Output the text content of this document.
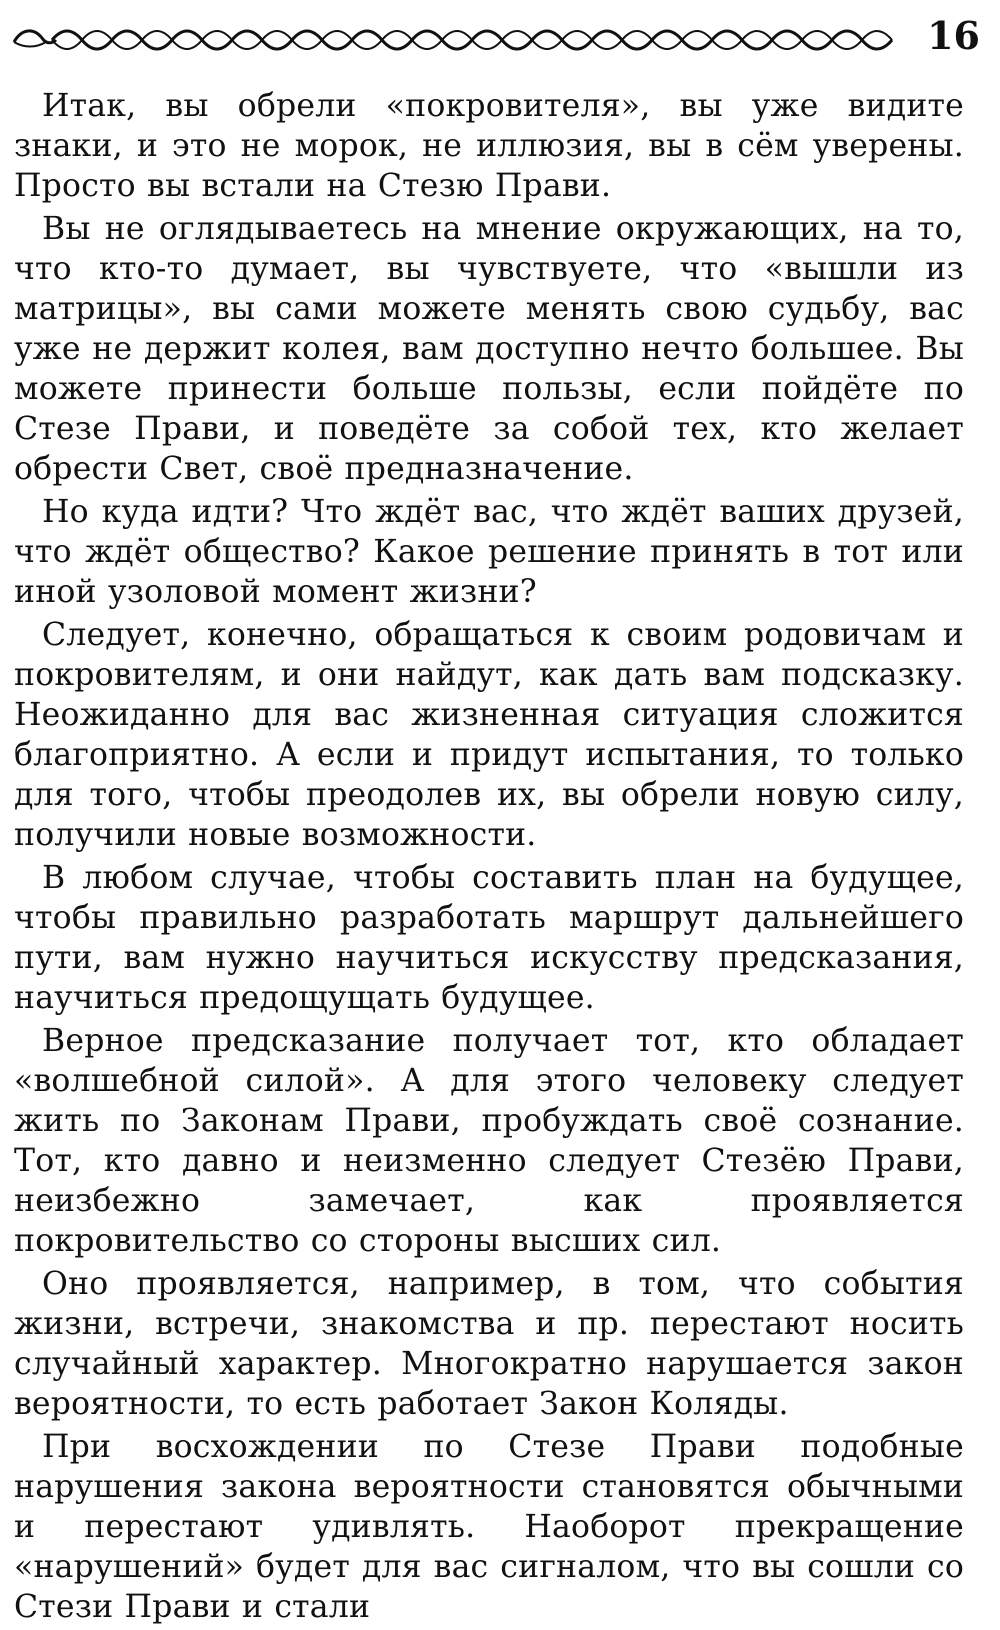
16

Итак, вы обрели «покровителя», вы уже видите знаки, и это не морок, не иллюзия, вы в сём уверены. Просто вы встали на Стезю Прави.

Вы не оглядываетесь на мнение окружающих, на то, что кто-то думает, вы чувствуете, что «вышли из матрицы», вы сами можете менять свою судьбу, вас уже не держит колея, вам доступно нечто большее. Вы можете принести больше пользы, если пойдёте по Стезе Прави, и поведёте за собой тех, кто желает обрести Свет, своё предназначение.

Но куда идти? Что ждёт вас, что ждёт ваших друзей, что ждёт общество? Какое решение принять в тот или иной узоловой момент жизни?

Следует, конечно, обращаться к своим родовичам и покровителям, и они найдут, как дать вам подсказку. Неожиданно для вас жизненная ситуация сложится благоприятно. А если и придут испытания, то только для того, чтобы преодолев их, вы обрели новую силу, получили новые возможности.

В любом случае, чтобы составить план на будущее, чтобы правильно разработать маршрут дальнейшего пути, вам нужно научиться искусству предсказания, научиться предощущать будущее.

Верное предсказание получает тот, кто обладает «волшебной силой». А для этого человеку следует жить по Законам Прави, пробуждать своё сознание. Тот, кто давно и неизменно следует Стезёю Прави, неизбежно замечает, как проявляется покровительство со стороны высших сил.

Оно проявляется, например, в том, что события жизни, встречи, знакомства и пр. перестают носить случайный характер. Многократно нарушается закон вероятности, то есть работает Закон Коляды.

При восхождении по Стезе Прави подобные нарушения закона вероятности становятся обычными и перестают удивлять. Наоборот прекращение «нарушений» будет для вас сигналом, что вы сошли со Стези Прави и стали
